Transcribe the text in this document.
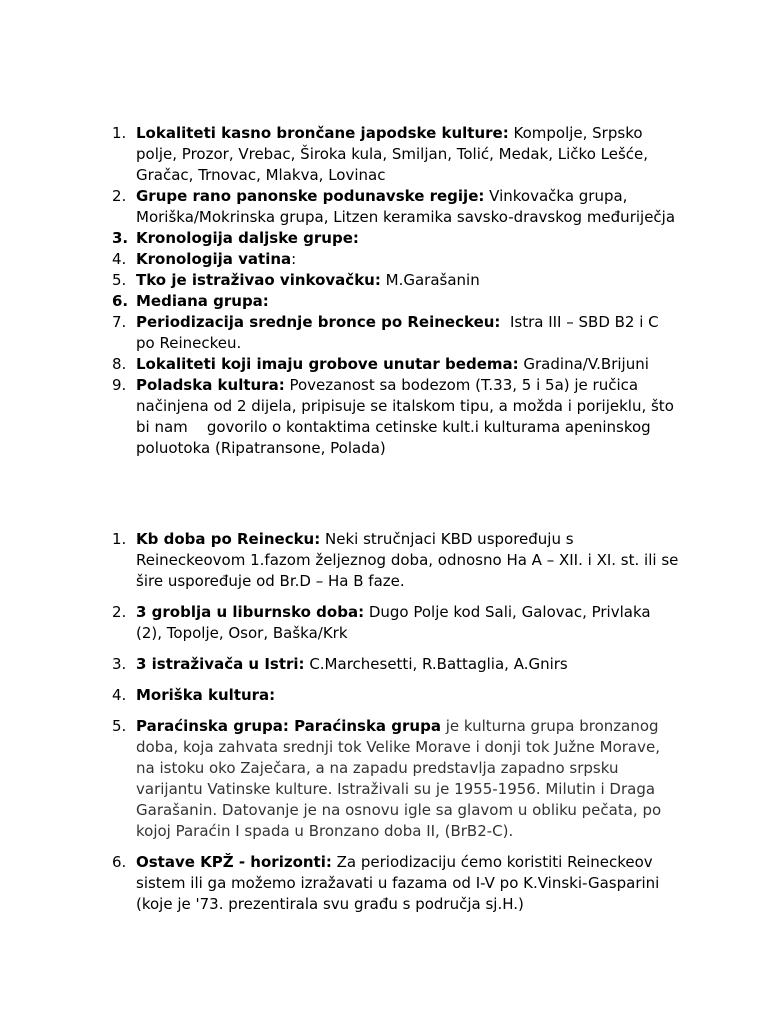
1. Lokaliteti kasno brončane japodske kulture: Kompolje, Srpsko polje, Prozor, Vrebac, Široka kula, Smiljan, Tolić, Medak, Ličko Lešće, Gračac, Trnovac, Mlakva, Lovinac
2. Grupe rano panonske podunavske regije: Vinkovačka grupa, Moriška/Mokrinska grupa, Litzen keramika savsko-dravskog međuriječja
3. Kronologija daljske grupe:
4. Kronologija vatina:
5. Tko je istraživao vinkovačku: M.Garašanin
6. Mediana grupa:
7. Periodizacija srednje bronce po Reineckeu:  Istra III – SBD B2 i C po Reineckeu.
8. Lokaliteti koji imaju grobove unutar bedema: Gradina/V.Brijuni
9. Poladska kultura: Povezanost sa bodezom (T.33, 5 i 5a) je ručica načinjena od 2 dijela, pripisuje se italskom tipu, a možda i porijeklu, što bi nam    govorilo o kontaktima cetinske kult.i kulturama apeninskog poluotoka (Ripatransone, Polada)
1. Kb doba po Reinecku: Neki stručnjaci KBD uspoređuju s Reineckeovom 1.fazom željeznog doba, odnosno Ha A – XII. i XI. st. ili se šire uspoređuje od Br.D – Ha B faze.
2. 3 groblja u liburnsko doba: Dugo Polje kod Sali, Galovac, Privlaka (2), Topolje, Osor, Baška/Krk
3. 3 istraživača u Istri: C.Marchesetti, R.Battaglia, A.Gnirs
4. Moriška kultura:
5. Paraćinska grupa: Paraćinska grupa je kulturna grupa bronzanog doba, koja zahvata srednji tok Velike Morave i donji tok Južne Morave, na istoku oko Zaječara, a na zapadu predstavlja zapadno srpsku varijantu Vatinske kulture. Istraživali su je 1955-1956. Milutin i Draga Garašanin. Datovanje je na osnovu igle sa glavom u obliku pečata, po kojoj Paraćin I spada u Bronzano doba II, (BrB2-C).
6. Ostave KPŽ - horizonti: Za periodizaciju ćemo koristiti Reineckeov sistem ili ga možemo izražavati u fazama od I-V po K.Vinski-Gasparini (koje je '73. prezentirala svu građu s područja sj.H.)
